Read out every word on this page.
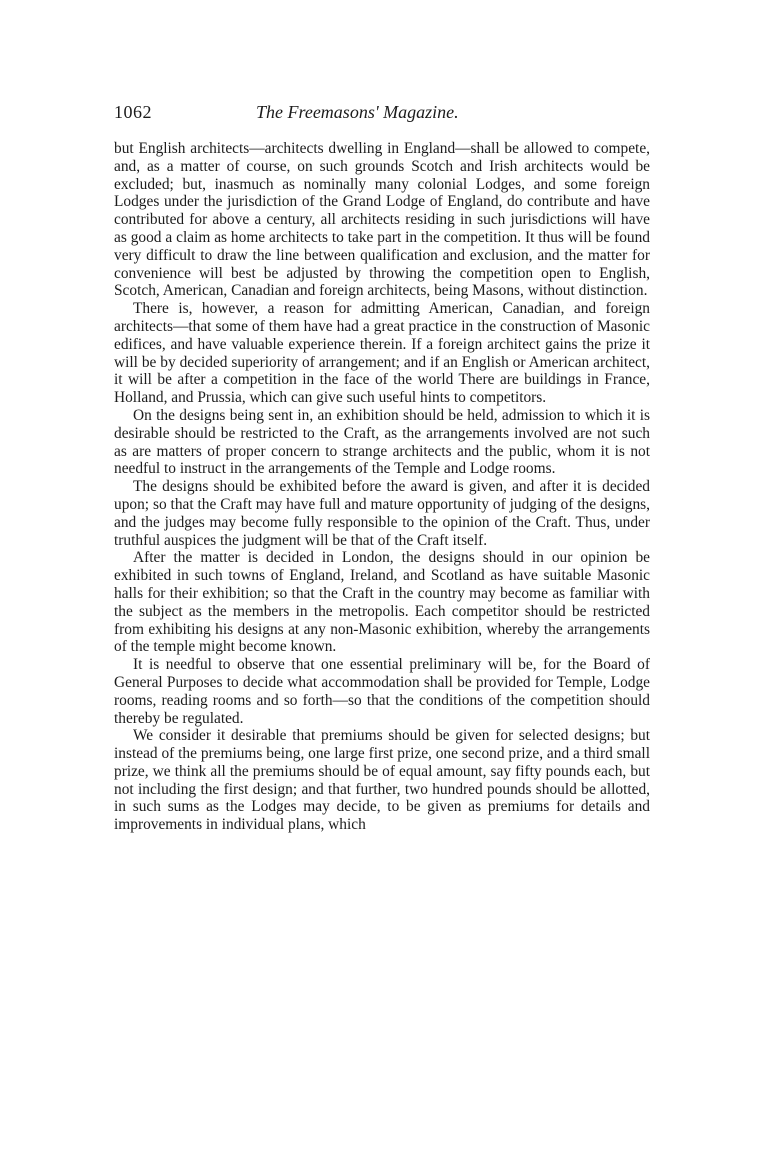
1062	The Freemasons' Magazine.

but English architects—architects dwelling in England—shall be allowed to compete, and, as a matter of course, on such grounds Scotch and Irish architects would be excluded; but, inasmuch as nominally many colonial Lodges, and some foreign Lodges under the jurisdiction of the Grand Lodge of England, do contribute and have contributed for above a century, all architects residing in such jurisdictions will have as good a claim as home architects to take part in the competition. It thus will be found very difficult to draw the line between qualification and exclusion, and the matter for convenience will best be adjusted by throwing the competition open to English, Scotch, American, Canadian and foreign architects, being Masons, without distinction.

There is, however, a reason for admitting American, Canadian, and foreign architects—that some of them have had a great practice in the construction of Masonic edifices, and have valuable experience therein. If a foreign architect gains the prize it will be by decided superiority of arrangement; and if an English or American architect, it will be after a competition in the face of the world There are buildings in France, Holland, and Prussia, which can give such useful hints to competitors.

On the designs being sent in, an exhibition should be held, admission to which it is desirable should be restricted to the Craft, as the arrangements involved are not such as are matters of proper concern to strange architects and the public, whom it is not needful to instruct in the arrangements of the Temple and Lodge rooms.

The designs should be exhibited before the award is given, and after it is decided upon; so that the Craft may have full and mature opportunity of judging of the designs, and the judges may become fully responsible to the opinion of the Craft. Thus, under truthful auspices the judgment will be that of the Craft itself.

After the matter is decided in London, the designs should in our opinion be exhibited in such towns of England, Ireland, and Scotland as have suitable Masonic halls for their exhibition; so that the Craft in the country may become as familiar with the subject as the members in the metropolis. Each competitor should be restricted from exhibiting his designs at any non-Masonic exhibition, whereby the arrangements of the temple might become known.

It is needful to observe that one essential preliminary will be, for the Board of General Purposes to decide what accommodation shall be provided for Temple, Lodge rooms, reading rooms and so forth—so that the conditions of the competition should thereby be regulated.

We consider it desirable that premiums should be given for selected designs; but instead of the premiums being, one large first prize, one second prize, and a third small prize, we think all the premiums should be of equal amount, say fifty pounds each, but not including the first design; and that further, two hundred pounds should be allotted, in such sums as the Lodges may decide, to be given as premiums for details and improvements in individual plans, which
